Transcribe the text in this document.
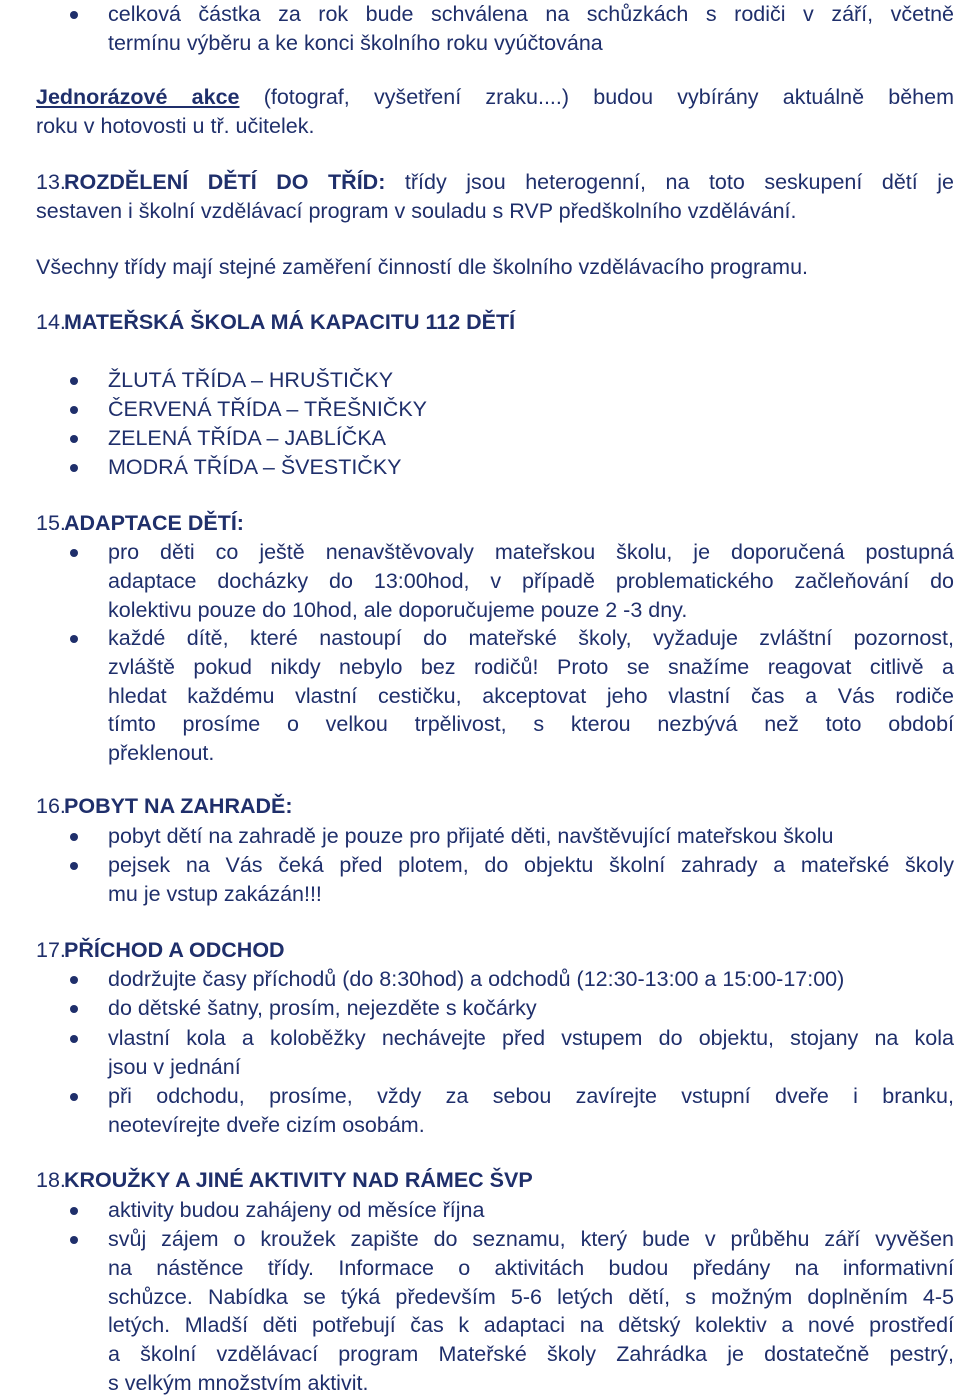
celková částka za rok bude schválena na schůzkách s rodiči v září, včetně
termínu výběru a ke konci školního roku vyúčtována
Jednorázové akce (fotograf, vyšetření zraku....) budou vybírány aktuálně během
roku v hotovosti u tř. učitelek.
13.ROZDĚLENÍ DĚTÍ DO TŘÍD: třídy jsou heterogenní, na toto seskupení dětí je
sestaven i školní vzdělávací program v souladu s RVP předškolního vzdělávání.
Všechny třídy mají stejné zaměření činností dle školního vzdělávacího programu.
14.MATEŘSKÁ ŠKOLA MÁ KAPACITU 112 DĚTÍ
ŽLUTÁ TŘÍDA – HRUŠTIČKY
ČERVENÁ TŘÍDA – TŘEŠNIČKY
ZELENÁ TŘÍDA – JABLÍČKA
MODRÁ TŘÍDA – ŠVESTIČKY
15.ADAPTACE DĚTÍ:
pro děti co ještě nenavštěvovaly mateřskou školu, je doporučená postupná
adaptace docházky do 13:00hod, v případě problematického začleňování do
kolektivu pouze do 10hod, ale doporučujeme pouze 2 -3 dny.
každé dítě, které nastoupí do mateřské školy, vyžaduje zvláštní pozornost,
zvláště pokud nikdy nebylo bez rodičů! Proto se snažíme reagovat citlivě a
hledat každému vlastní cestičku, akceptovat jeho vlastní čas a Vás rodiče
tímto prosíme o velkou trpělivost, s kterou nezbývá než toto období
překlenout.
16.POBYT NA ZAHRADĚ:
pobyt dětí na zahradě je pouze pro přijaté děti, navštěvující mateřskou školu
pejsek na Vás čeká před plotem, do objektu školní zahrady a mateřské školy
mu je vstup zakázán!!!
17.PŘÍCHOD A ODCHOD
dodržujte časy příchodů (do 8:30hod) a odchodů (12:30-13:00 a 15:00-17:00)
do dětské šatny, prosím, nejezděte s kočárky
vlastní kola a koloběžky nechávejte před vstupem do objektu, stojany na kola
jsou v jednání
při odchodu, prosíme, vždy za sebou zavírejte vstupní dveře i branku,
neotevírejte dveře cizím osobám.
18.KROUŽKY A JINÉ AKTIVITY NAD RÁMEC ŠVP
aktivity budou zahájeny od měsíce října
svůj zájem o kroužek zapište do seznamu, který bude v průběhu září vyvěšen
na nástěnce třídy. Informace o aktivitách budou předány na informativní
schůzce. Nabídka se týká především 5-6 letých dětí, s možným doplněním 4-5
letých. Mladší děti potřebují čas k adaptaci na dětský kolektiv a nové prostředí
a školní vzdělávací program Mateřské školy Zahrádka je dostatečně pestrý,
s velkým množstvím aktivit.
